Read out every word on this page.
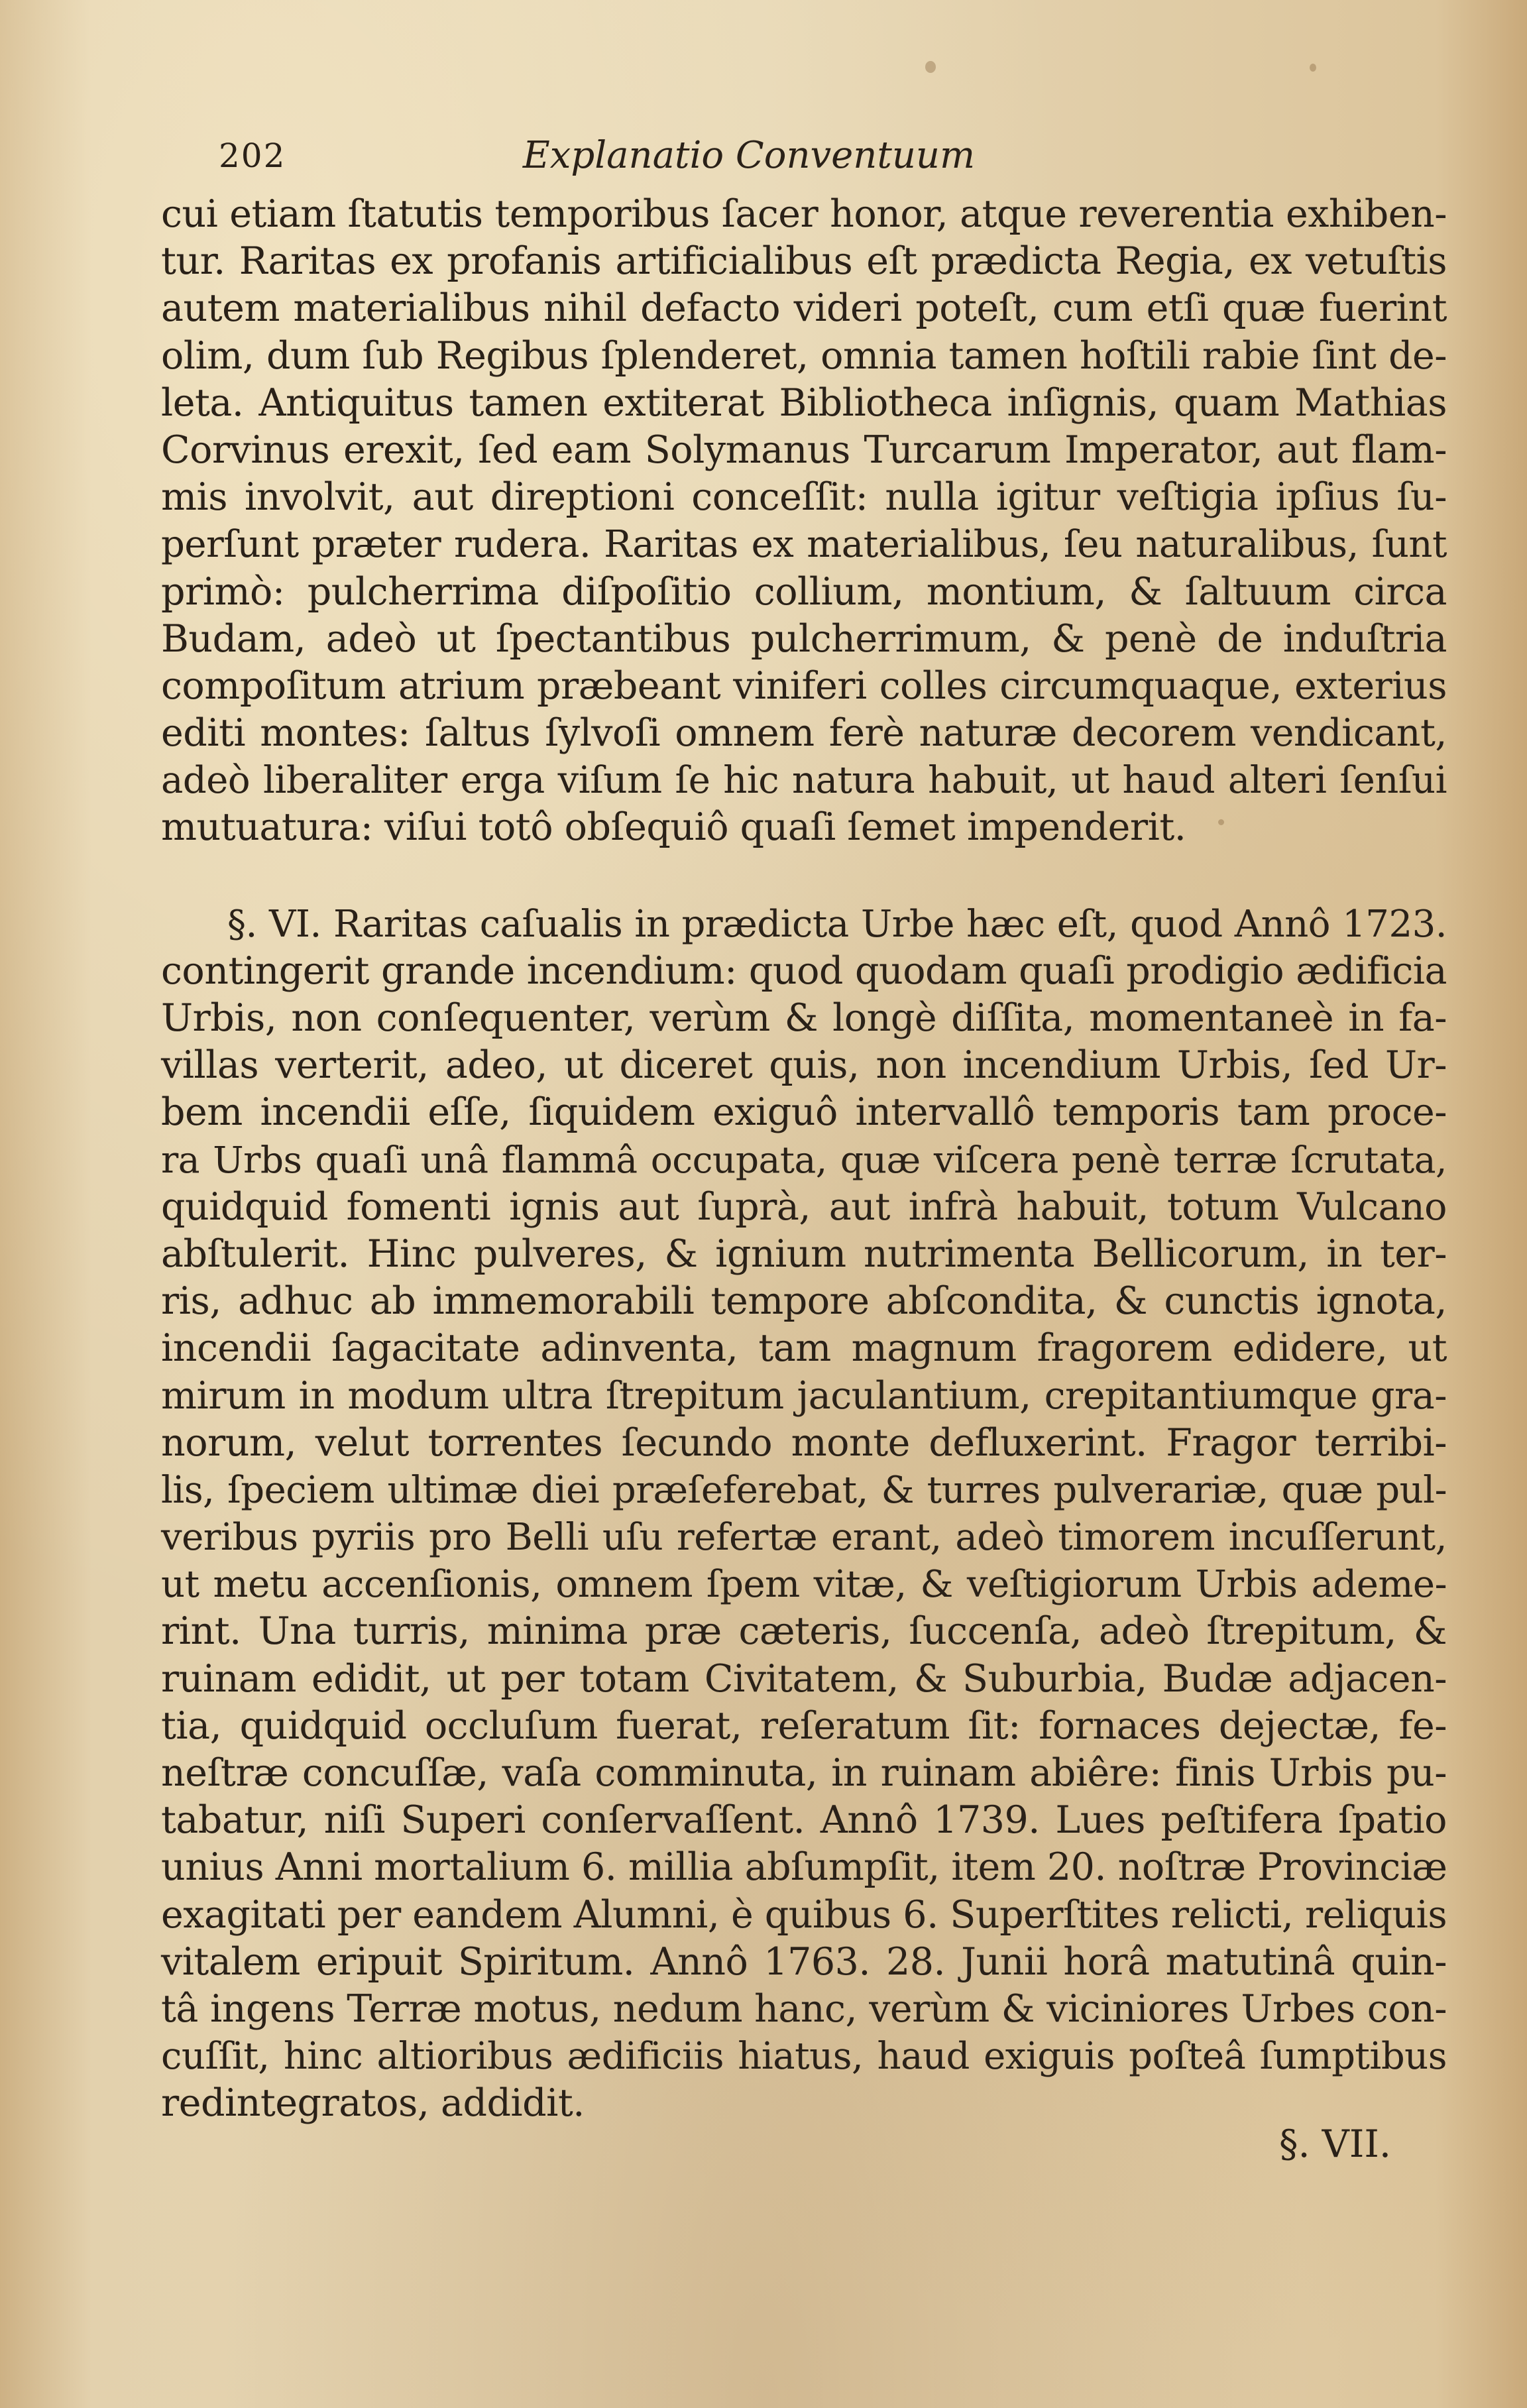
202	Explanatio Conventuum
cui etiam ſtatutis temporibus ſacer honor, atque reverentia exhiben-
tur. Raritas ex profanis artificialibus eſt prædicta Regia, ex vetuſtis
autem materialibus nihil defacto videri poteſt, cum etſi quæ fuerint
olim, dum ſub Regibus ſplenderet, omnia tamen hoſtili rabie ſint de-
leta. Antiquitus tamen extiterat Bibliotheca inſignis, quam Mathias
Corvinus erexit, ſed eam Solymanus Turcarum Imperator, aut flam-
mis involvit, aut direptioni conceſſit: nulla igitur veſtigia ipſius ſu-
perſunt præter rudera. Raritas ex materialibus, ſeu naturalibus, ſunt
primò: pulcherrima diſpoſitio collium, montium, & ſaltuum circa
Budam, adeò ut ſpectantibus pulcherrimum, & penè de induſtria
compoſitum atrium præbeant viniferi colles circumquaque, exterius
editi montes: ſaltus ſylvoſi omnem ferè naturæ decorem vendicant,
adeò liberaliter erga viſum ſe hic natura habuit, ut haud alteri ſenſui
mutuatura: viſui totô obſequiô quaſi ſemet impenderit.
§. VI. Raritas caſualis in prædicta Urbe hæc eſt, quod Annô 1723.
contingerit grande incendium: quod quodam quaſi prodigio ædificia
Urbis, non conſequenter, verùm & longè diſſita, momentaneè in fa-
villas verterit, adeo, ut diceret quis, non incendium Urbis, ſed Ur-
bem incendii eſſe, ſiquidem exiguô intervallô temporis tam proce-
ra Urbs quaſi unâ flammâ occupata, quæ viſcera penè terræ ſcrutata,
quidquid fomenti ignis aut ſuprà, aut infrà habuit, totum Vulcano
abſtulerit. Hinc pulveres, & ignium nutrimenta Bellicorum, in ter-
ris, adhuc ab immemorabili tempore abſcondita, & cunctis ignota,
incendii ſagacitate adinventa, tam magnum fragorem edidere, ut
mirum in modum ultra ſtrepitum jaculantium, crepitantiumque gra-
norum, velut torrentes ſecundo monte defluxerint. Fragor terribi-
lis, ſpeciem ultimæ diei præſeferebat, & turres pulverariæ, quæ pul-
veribus pyriis pro Belli uſu refertæ erant, adeò timorem incuſſerunt,
ut metu accenſionis, omnem ſpem vitæ, & veſtigiorum Urbis ademe-
rint. Una turris, minima præ cæteris, ſuccenſa, adeò ſtrepitum, &
ruinam edidit, ut per totam Civitatem, & Suburbia, Budæ adjacen-
tia, quidquid occluſum fuerat, reſeratum ſit: fornaces dejectæ, fe-
neſtræ concuſſæ, vaſa comminuta, in ruinam abiêre: finis Urbis pu-
tabatur, niſi Superi conſervaſſent. Annô 1739. Lues peſtifera ſpatio
unius Anni mortalium 6. millia abſumpſit, item 20. noſtræ Provinciæ
exagitati per eandem Alumni, è quibus 6. Superſtites relicti, reliquis
vitalem eripuit Spiritum. Annô 1763. 28. Junii horâ matutinâ quin-
tâ ingens Terræ motus, nedum hanc, verùm & viciniores Urbes con-
cuſſit, hinc altioribus ædificiis hiatus, haud exiguis poſteâ ſumptibus
redintegratos, addidit.
§. VII.
